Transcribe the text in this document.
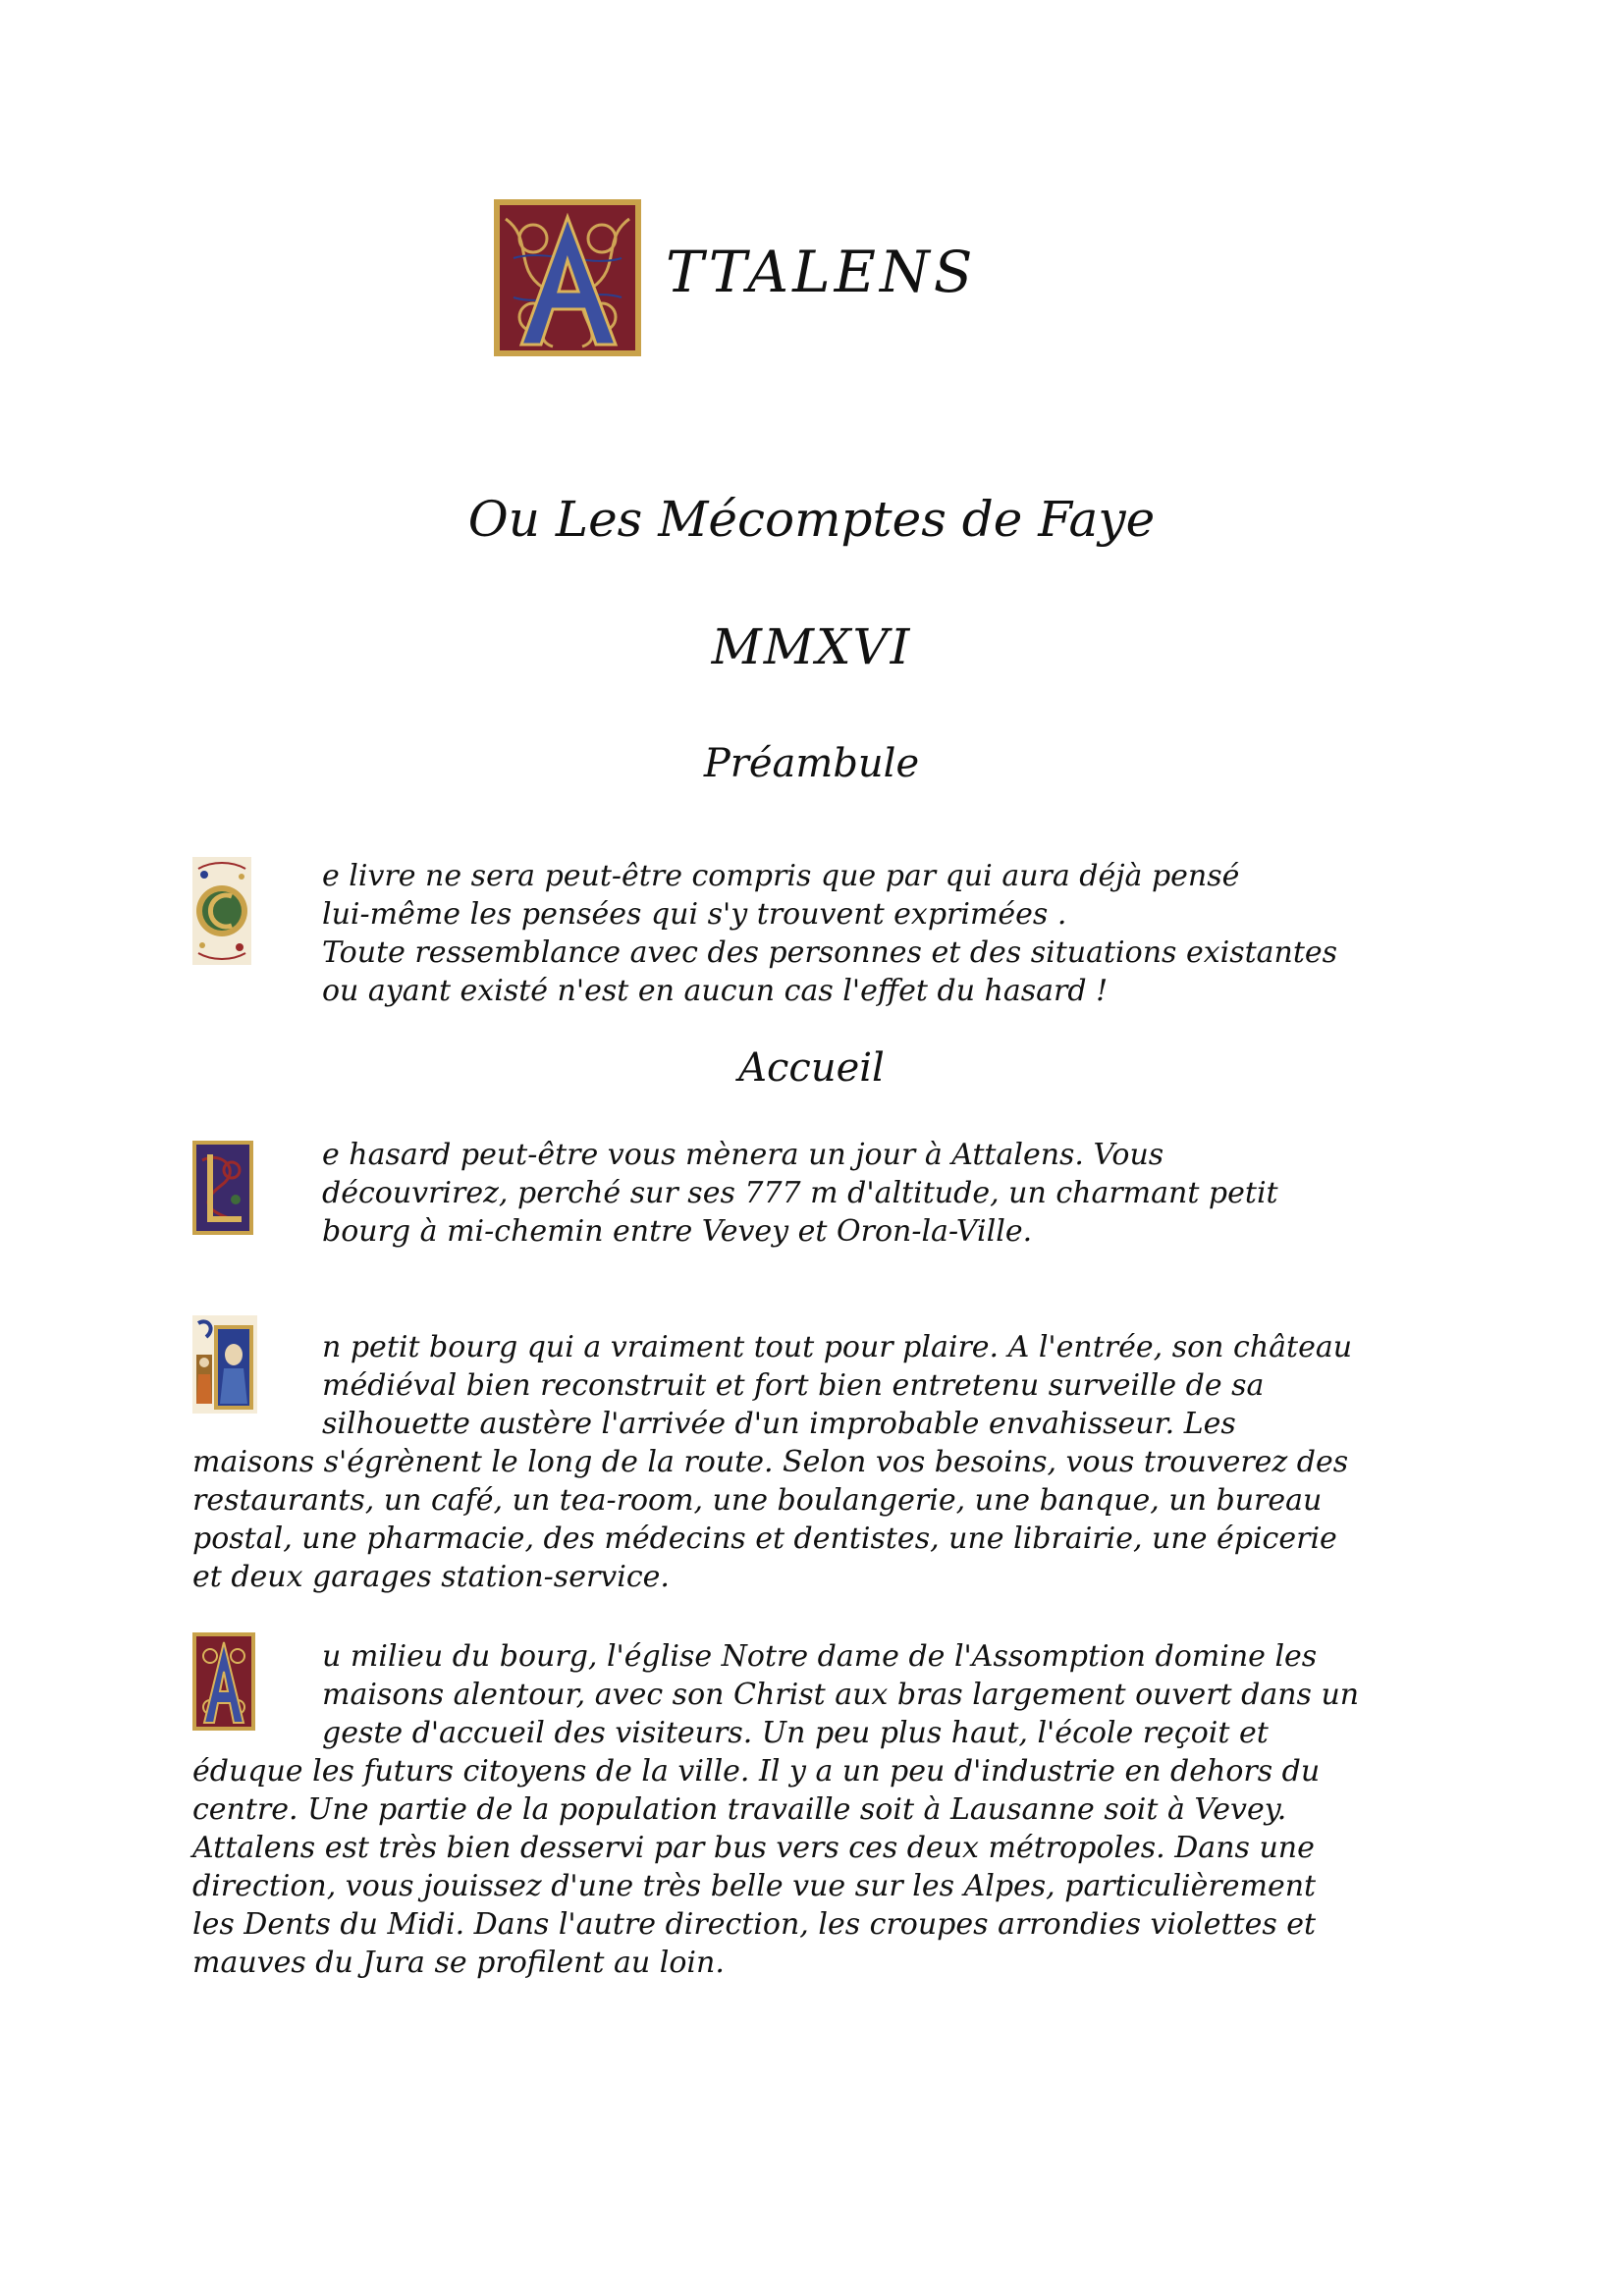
TTALENS
Ou Les Mécomptes de Faye
MMXVI
Préambule
e livre ne sera peut-être compris que par qui aura déjà pensé
lui-même les pensées qui s'y trouvent exprimées .
Toute ressemblance avec des personnes et des situations existantes
ou ayant existé n'est en aucun cas l'effet du hasard !
Accueil
e hasard peut-être vous mènera un jour à Attalens. Vous
découvrirez, perché sur ses 777 m d'altitude, un charmant petit
bourg à mi-chemin entre Vevey et Oron-la-Ville.
n petit bourg qui a vraiment tout pour plaire. A l'entrée, son château
médiéval bien reconstruit et fort bien entretenu surveille de sa
silhouette austère l'arrivée d'un improbable envahisseur. Les
maisons s'égrènent le long de la route. Selon vos besoins, vous trouverez des
restaurants, un café, un tea-room, une boulangerie, une banque, un bureau
postal, une pharmacie, des médecins et dentistes, une librairie, une épicerie
et deux garages station-service.
u milieu du bourg, l'église Notre dame de l'Assomption domine les
maisons alentour, avec son Christ aux bras largement ouvert dans un
geste d'accueil des visiteurs. Un peu plus haut, l'école reçoit et
éduque les futurs citoyens de la ville. Il y a un peu d'industrie en dehors du
centre. Une partie de la population travaille soit à Lausanne soit à Vevey.
Attalens est très bien desservi par bus vers ces deux métropoles. Dans une
direction, vous jouissez d'une très belle vue sur les Alpes, particulièrement
les Dents du Midi. Dans l'autre direction, les croupes arrondies violettes et
mauves du Jura se profilent au loin.
